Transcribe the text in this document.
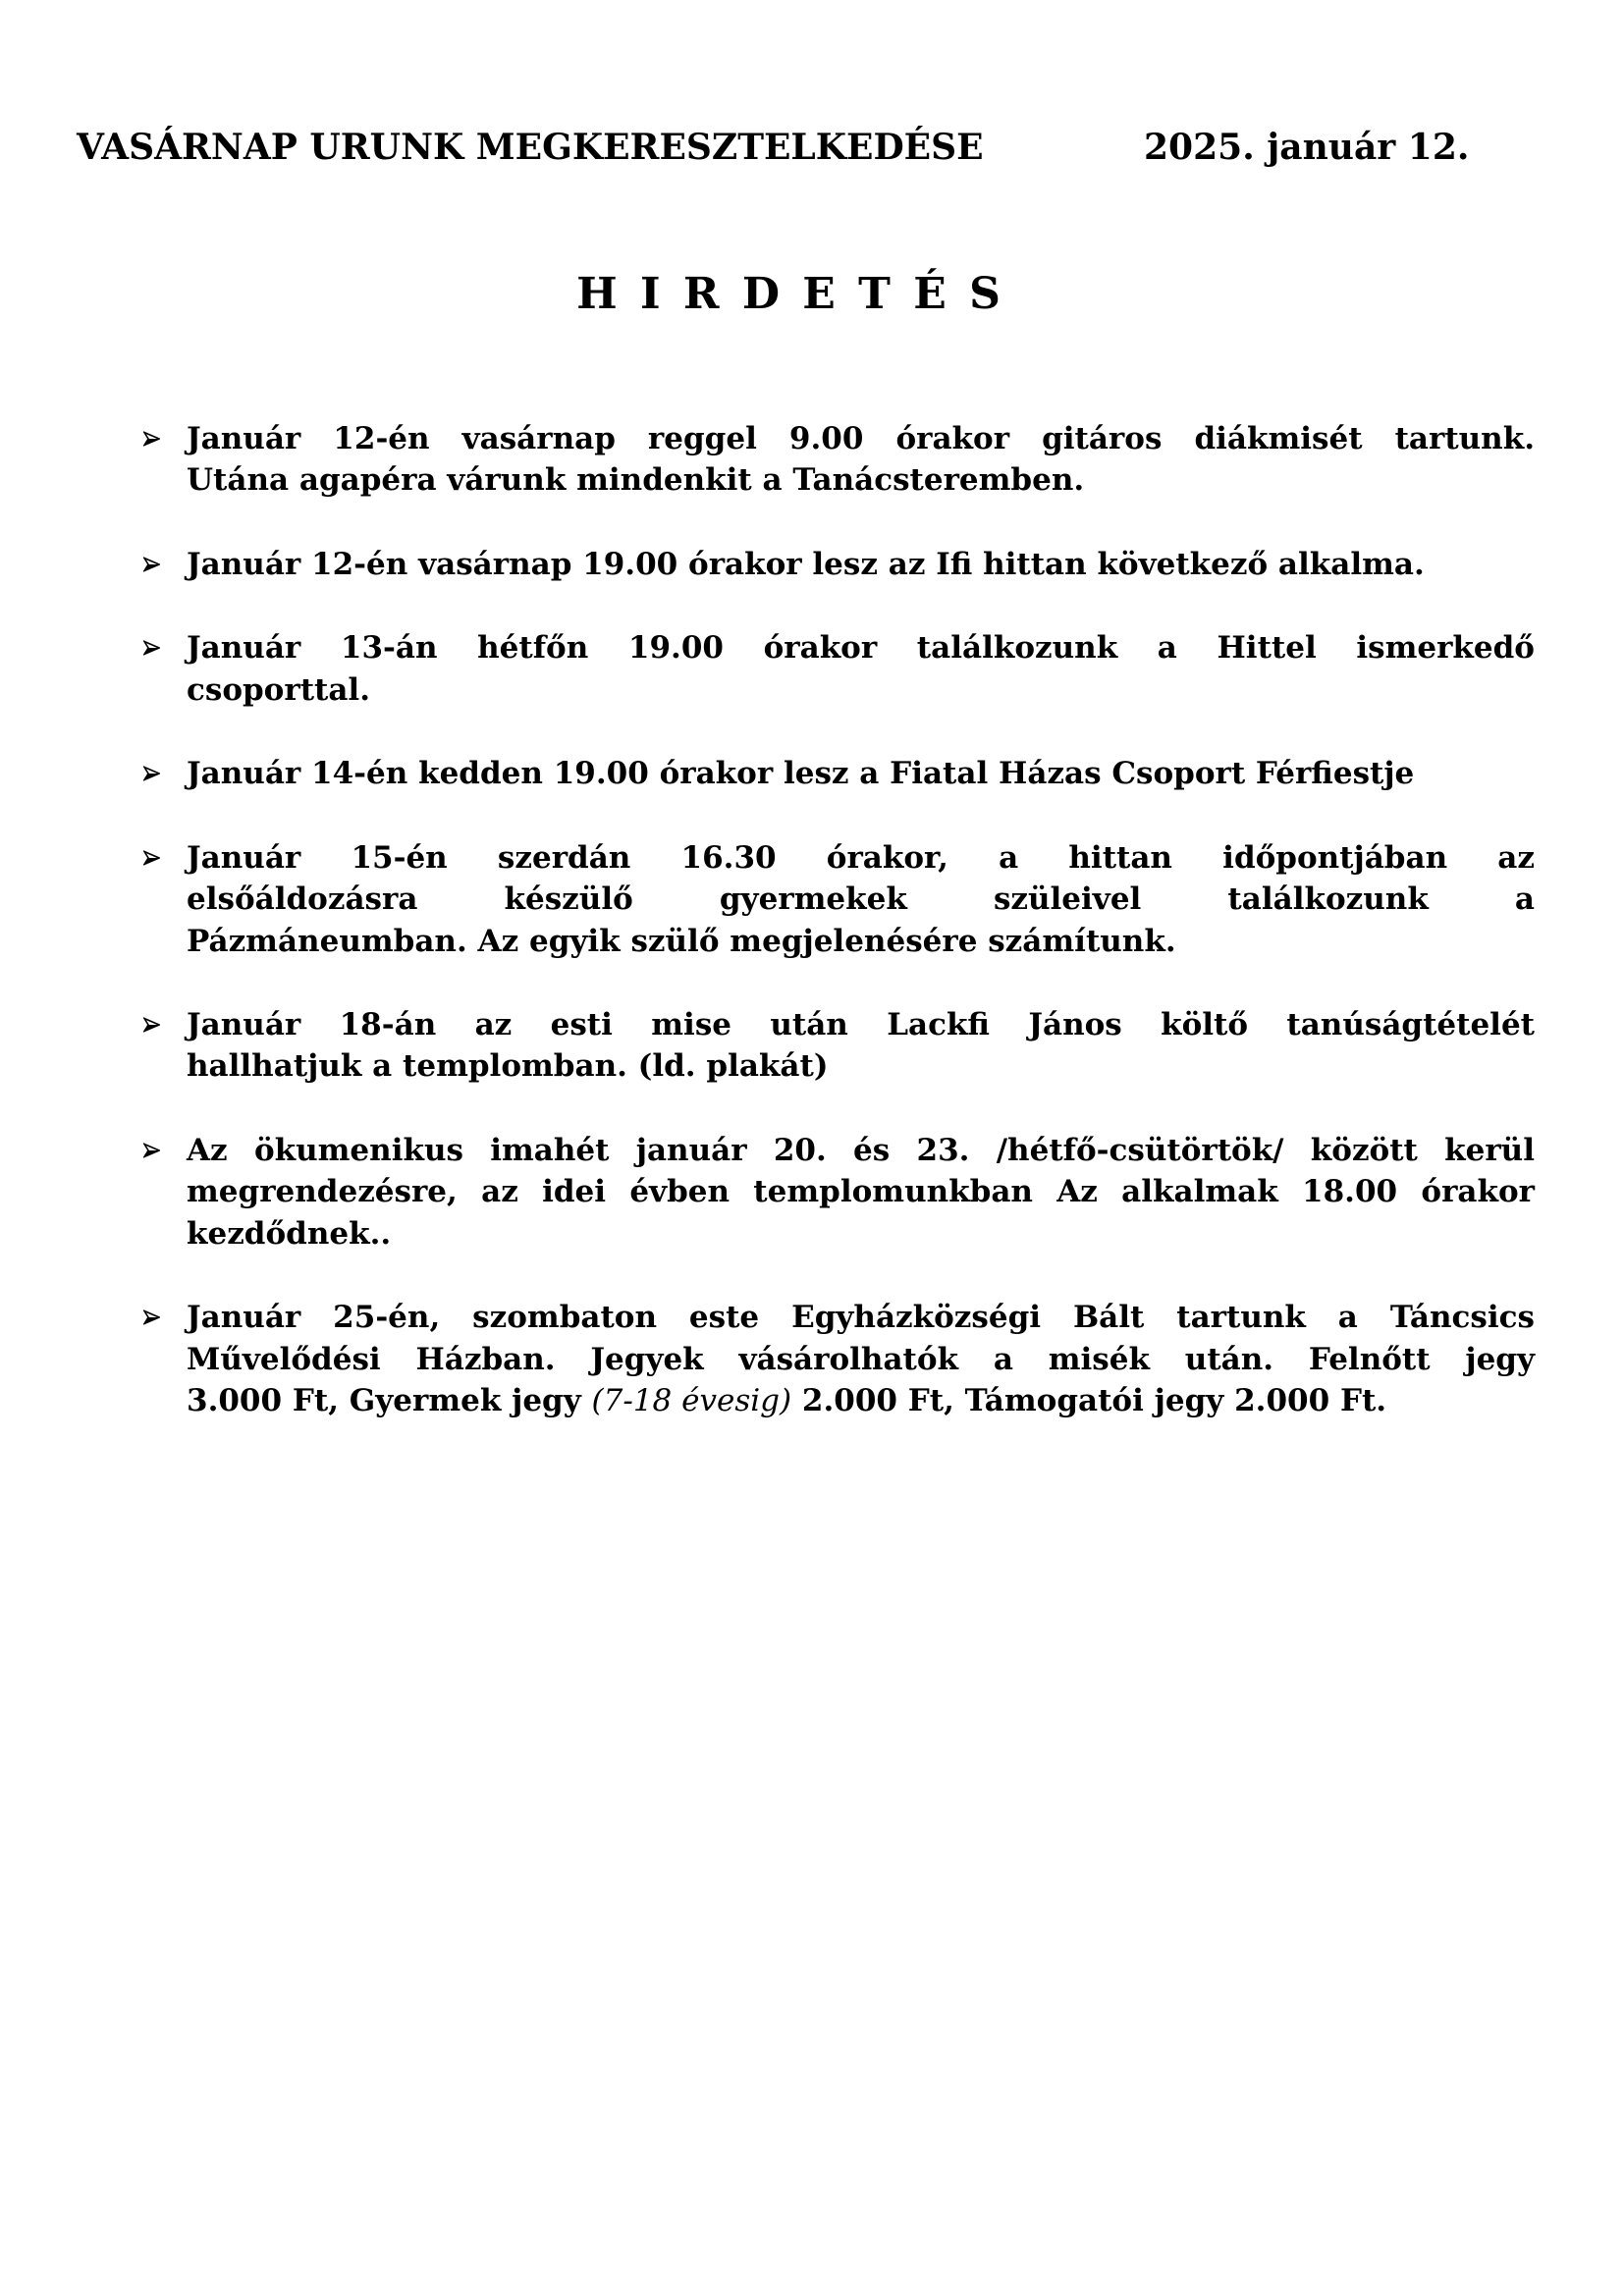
VASÁRNAP URUNK MEGKERESZTELKEDÉSE	2025. január 12.
H I R D E T É S
Január 12-én vasárnap reggel 9.00 órakor gitáros diákmisét tartunk.
Utána agapéra várunk mindenkit a Tanácsteremben.
Január 12-én vasárnap 19.00 órakor lesz az Ifi hittan következő alkalma.
Január 13-án hétfőn 19.00 órakor találkozunk a Hittel ismerkedő
csoporttal.
Január 14-én kedden 19.00 órakor lesz a Fiatal Házas Csoport Férfiestje
Január 15-én szerdán 16.30 órakor, a hittan időpontjában az
elsőáldozásra készülő gyermekek szüleivel találkozunk a
Pázmáneumban. Az egyik szülő megjelenésére számítunk.
Január 18-án az esti mise után Lackfi János költő tanúságtételét
hallhatjuk a templomban. (ld. plakát)
Az ökumenikus imahét január 20. és 23. /hétfő-csütörtök/ között kerül
megrendezésre, az idei évben templomunkban Az alkalmak 18.00 órakor
kezdődnek..
Január 25-én, szombaton este Egyházközségi Bált tartunk a Táncsics
Művelődési Házban. Jegyek vásárolhatók a misék után. Felnőtt jegy
3.000 Ft, Gyermek jegy (7-18 évesig) 2.000 Ft, Támogatói jegy 2.000 Ft.
